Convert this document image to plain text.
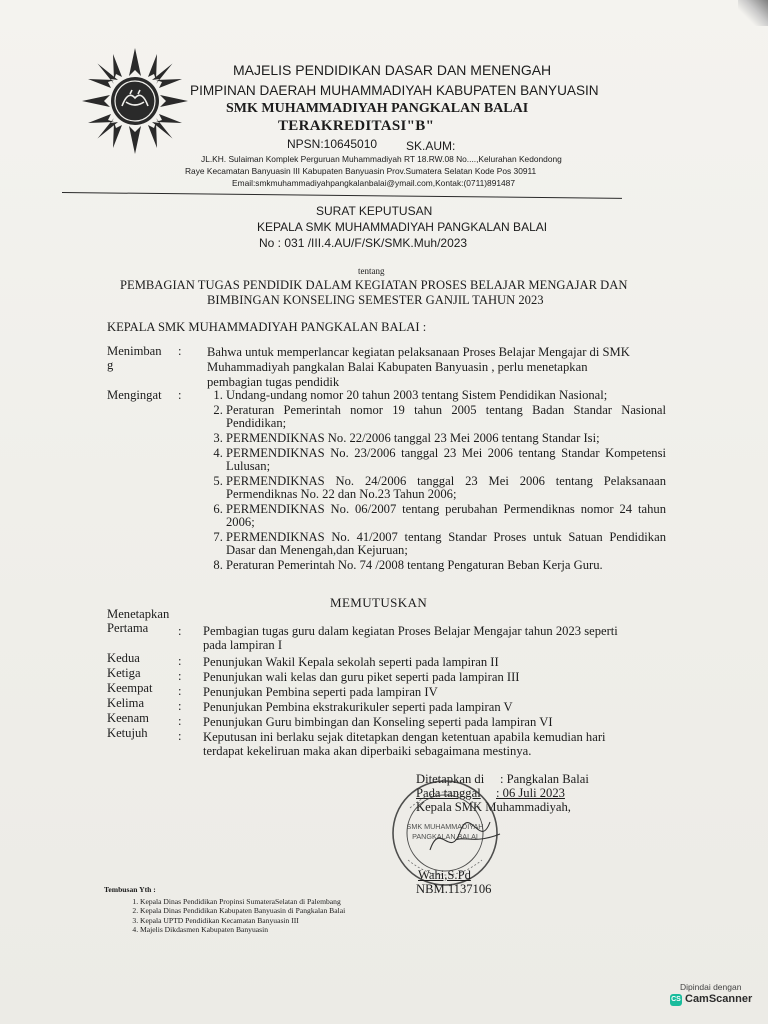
MAJELIS PENDIDIKAN DASAR DAN MENENGAH
PIMPINAN DAERAH MUHAMMADIYAH KABUPATEN BANYUASIN
SMK MUHAMMADIYAH PANGKALAN BALAI
TERAKREDITASI"B"
NPSN:10645010 SK.AUM:
JL.KH. Sulaiman Komplek Perguruan Muhammadiyah RT 18.RW.08 No....,Kelurahan Kedondong
Raye Kecamatan Banyuasin III Kabupaten Banyuasin Prov.Sumatera Selatan Kode Pos 30911
Email:smkmuhammadiyahpangkalanbalai@ymail.com,Kontak:(0711)891487
SURAT KEPUTUSAN
KEPALA SMK MUHAMMADIYAH PANGKALAN BALAI
No : 031 /III.4.AU/F/SK/SMK.Muh/2023
tentang
PEMBAGIAN TUGAS PENDIDIK DALAM KEGIATAN PROSES BELAJAR MENGAJAR DAN
BIMBINGAN KONSELING SEMESTER GANJIL TAHUN 2023
KEPALA SMK MUHAMMADIYAH PANGKALAN BALAI :
Menimban
g
: Bahwa untuk memperlancar kegiatan pelaksanaan Proses Belajar Mengajar di SMK
Muhammadiyah pangkalan Balai Kabupaten Banyuasin , perlu menetapkan
pembagian tugas pendidik
Mengingat :
1.	Undang-undang nomor 20 tahun 2003 tentang Sistem Pendidikan Nasional;
2. Peraturan Pemerintah nomor 19 tahun 2005 tentang Badan Standar Nasional Pendidikan;
3. PERMENDIKNAS No. 22/2006 tanggal 23 Mei 2006 tentang Standar Isi;
4. PERMENDIKNAS No. 23/2006 tanggal 23 Mei 2006 tentang Standar Kompetensi Lulusan;
5. PERMENDIKNAS No. 24/2006 tanggal 23 Mei 2006 tentang Pelaksanaan Permendiknas No. 22 dan No.23 Tahun 2006;
6. PERMENDIKNAS No. 06/2007 tentang perubahan Permendiknas nomor 24 tahun 2006;
7. PERMENDIKNAS No. 41/2007 tentang Standar Proses untuk Satuan Pendidikan Dasar dan Menengah,dan Kejuruan;
8. Peraturan Pemerintah No. 74 /2008 tentang Pengaturan Beban Kerja Guru.
MEMUTUSKAN
Menetapkan
Pertama : Pembagian tugas guru dalam kegiatan Proses Belajar Mengajar tahun 2023 seperti
pada lampiran I
Kedua	: Penunjukan Wakil Kepala sekolah seperti pada lampiran II
Ketiga	: Penunjukan wali kelas dan guru piket seperti pada lampiran III
Keempat : Penunjukan Pembina seperti pada lampiran IV
Kelima	: Penunjukan Pembina ekstrakurikuler seperti pada lampiran V
Keenam : Penunjukan Guru bimbingan dan Konseling seperti pada lampiran VI
Ketujuh : Keputusan ini berlaku sejak ditetapkan dengan ketentuan apabila kemudian hari
terdapat kekeliruan maka akan diperbaiki sebagaimana mestinya.
Ditetapkan di : Pangkalan Balai
Pada tanggal : 06 Juli 2023
Kepala SMK Muhammadiyah,
SMK MUHAMMADIYAH
PANGKALAN BALAI
Wahi,S.Pd
NBM.1137106
Tembusan Yth :
1. Kepala Dinas Pendidikan Propinsi SumateraSelatan di Palembang
2. Kepala Dinas Pendidikan Kabupaten Banyuasin di Pangkalan Balai
3. Kepala UPTD Pendidikan Kecamatan Banyuasin III
4. Majelis Dikdasmen Kabupaten Banyuasin
Dipindai dengan
CS CamScanner
